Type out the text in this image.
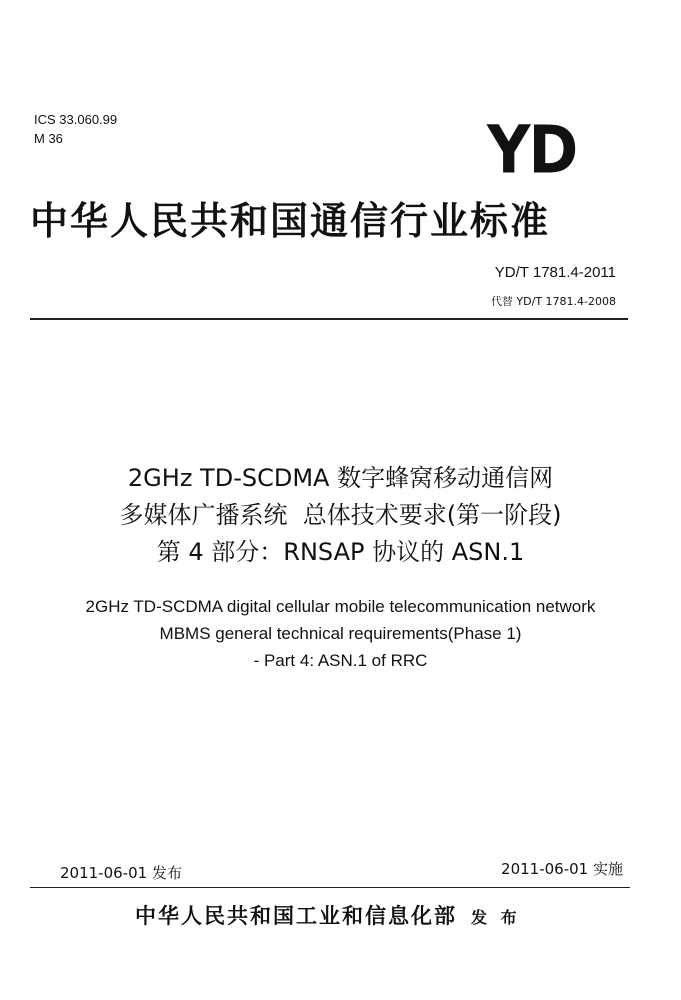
ICS 33.060.99
M 36	YD
中华人民共和国通信行业标准
YD/T 1781.4-2011
代替 YD/T 1781.4-2008
2GHz TD-SCDMA 数字蜂窝移动通信网
多媒体广播系统  总体技术要求(第一阶段)
第 4 部分：RNSAP 协议的 ASN.1
2GHz TD-SCDMA digital cellular mobile telecommunication network
MBMS general technical requirements(Phase 1)
- Part 4: ASN.1 of RRC
2011-06-01 发布	2011-06-01 实施
中华人民共和国工业和信息化部 发 布
